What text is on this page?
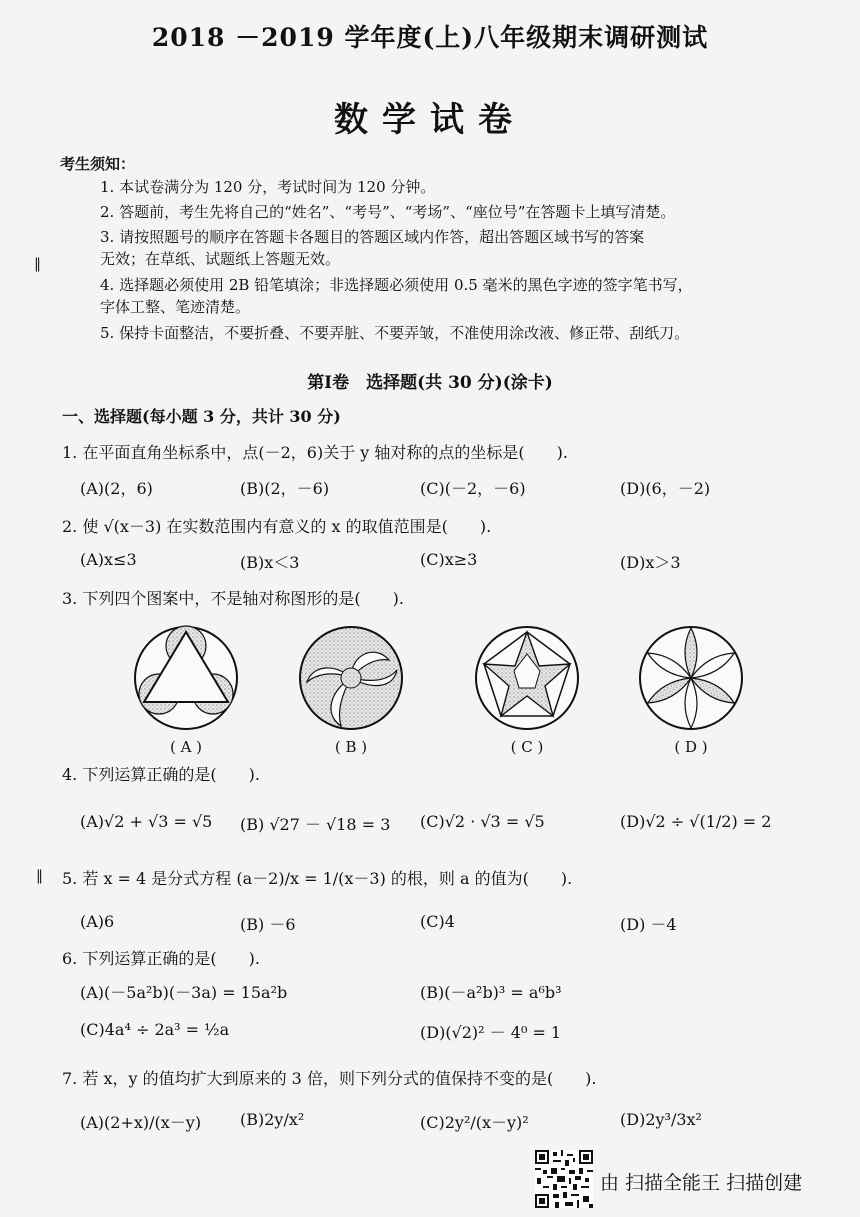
2018 －2019 学年度(上)八年级期末调研测试
数学试卷
‖
‖
考生须知：
1. 本试卷满分为 120 分，考试时间为 120 分钟。
2. 答题前，考生先将自己的“姓名”、“考号”、“考场”、“座位号”在答题卡上填写清楚。
3. 请按照题号的顺序在答题卡各题目的答题区域内作答，超出答题区域书写的答案
无效；在草纸、试题纸上答题无效。
4. 选择题必须使用 2B 铅笔填涂；非选择题必须使用 0.5 毫米的黑色字迹的签字笔书写，
字体工整、笔迹清楚。
5. 保持卡面整洁，不要折叠、不要弄脏、不要弄皱，不准使用涂改液、修正带、刮纸刀。
第Ⅰ卷　选择题(共 30 分)(涂卡)
一、选择题(每小题 3 分，共计 30 分)
1. 在平面直角坐标系中，点(－2，6)关于 y 轴对称的点的坐标是(　　).
(A)(2，6)	(B)(2，－6)	(C)(－2，－6)	(D)(6，－2)
2. 使 √(x－3) 在实数范围内有意义的 x 的取值范围是(　　).
(A)x≤3	(B)x＜3	(C)x≥3	(D)x＞3
3. 下列四个图案中，不是轴对称图形的是(　　).
( A )	( B )	( C )	( D )
4. 下列运算正确的是(　　).
(A)√2 + √3 = √5 (B) √27 － √18 = 3 (C)√2 · √3 = √5	(D)√2 ÷ √(1/2) = 2
5. 若 x = 4 是分式方程 (a－2)/x = 1/(x－3) 的根，则 a 的值为(　　).
(A)6	(B) －6	(C)4	(D) －4
6. 下列运算正确的是(　　).
(A)(－5a²b)(－3a) = 15a²b	(B)(－a²b)³ = a⁶b³
(C)4a⁴ ÷ 2a³ = ½a	(D)(√2)² － 4⁰ = 1
7. 若 x，y 的值均扩大到原来的 3 倍，则下列分式的值保持不变的是(　　).
(A)(2+x)/(x－y) (B)2y/x²	(C)2y²/(x－y)²	(D)2y³/3x²
由 扫描全能王 扫描创建
